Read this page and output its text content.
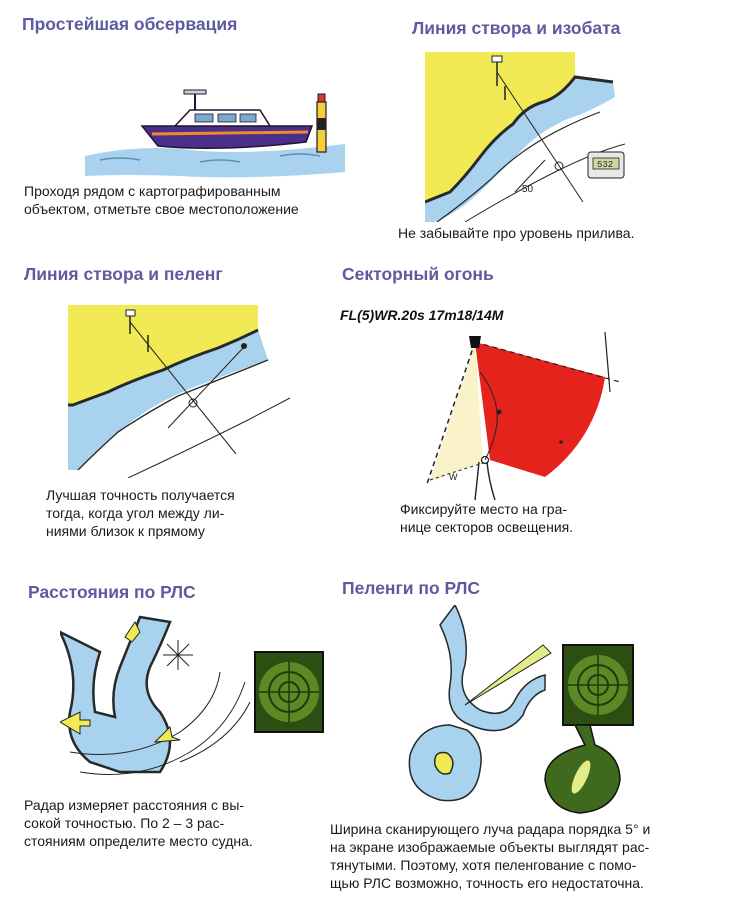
Простейшая обсервация
Проходя рядом с картографированным
объектом, отметьте свое местоположение
Линия створа и изобата
50
532
Не забывайте про уровень прилива.
Линия створа и пеленг
Лучшая точность получается
тогда, когда угол между ли-
ниями близок к прямому
Секторный огонь
FL(5)WR.20s 17m18/14M
W
Фиксируйте место на гра-
нице секторов освещения.
Расстояния по РЛС
Радар измеряет расстояния с вы-
сокой точностью. По 2 – 3 рас-
стояниям определите место судна.
Пеленги по РЛС
Ширина сканирующего луча радара порядка 5° и
на экране изображаемые объекты выглядят рас-
тянутыми. Поэтому, хотя пеленгование с помо-
щью РЛС возможно, точность его недостаточна.
